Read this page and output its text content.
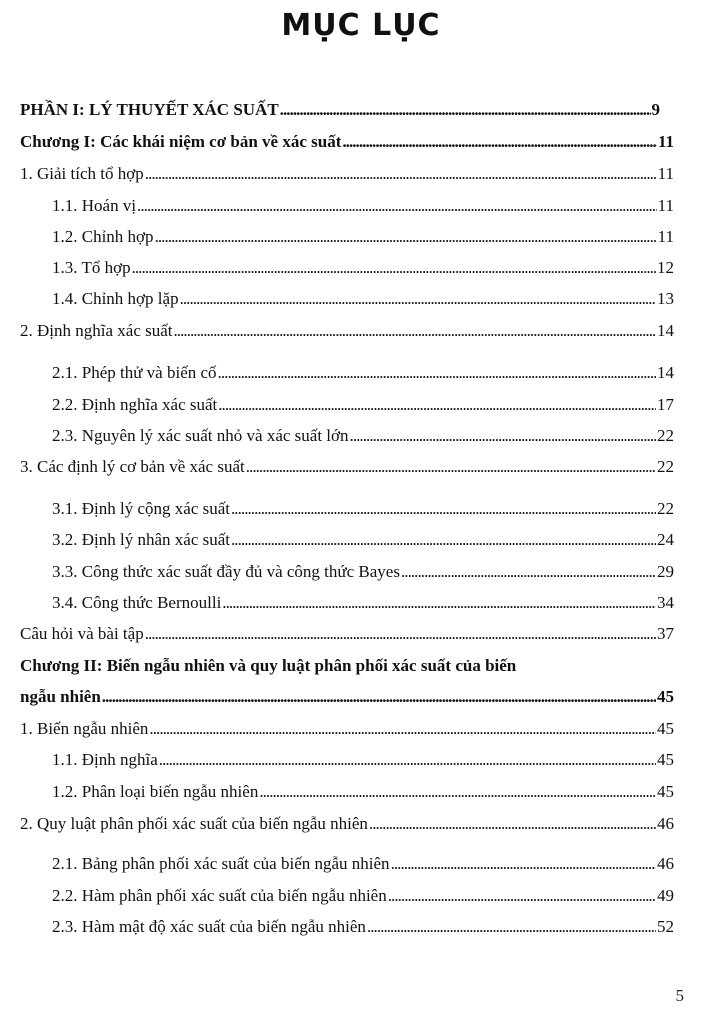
MỤC LỤC
PHẦN I: LÝ THUYẾT XÁC SUẤT . . .	9
Chương I: Các khái niệm cơ bản về xác suất . . .	11
1. Giải tích tổ hợp . . .	11
1.1. Hoán vị . . .	11
1.2. Chỉnh hợp . . .	11
1.3. Tổ hợp . . .	12
1.4. Chỉnh hợp lặp . . .	13
2. Định nghĩa xác suất . . .	14
2.1. Phép thử và biến cố . . .	14
2.2. Định nghĩa xác suất . . .	17
2.3. Nguyên lý xác suất nhỏ và xác suất lớn . . .	22
3. Các định lý cơ bản về xác suất . . .	22
3.1. Định lý cộng xác suất . . .	22
3.2. Định lý nhân xác suất . . .	24
3.3. Công thức xác suất đầy đủ và công thức Bayes . . .	29
3.4. Công thức Bernoulli . . .	34
Câu hỏi và bài tập . . .	37
Chương II: Biến ngẫu nhiên và quy luật phân phối xác suất của biến
ngẫu nhiên . . .	45
1. Biến ngẫu nhiên . . .	45
1.1. Định nghĩa . . .	45
1.2. Phân loại biến ngẫu nhiên . . .	45
2. Quy luật phân phối xác suất của biến ngẫu nhiên . . .	46
2.1. Bảng phân phối xác suất của biến ngẫu nhiên . . .	46
2.2. Hàm phân phối xác suất của biến ngẫu nhiên . . .	49
2.3. Hàm mật độ xác suất của biến ngẫu nhiên . . .	52
5
